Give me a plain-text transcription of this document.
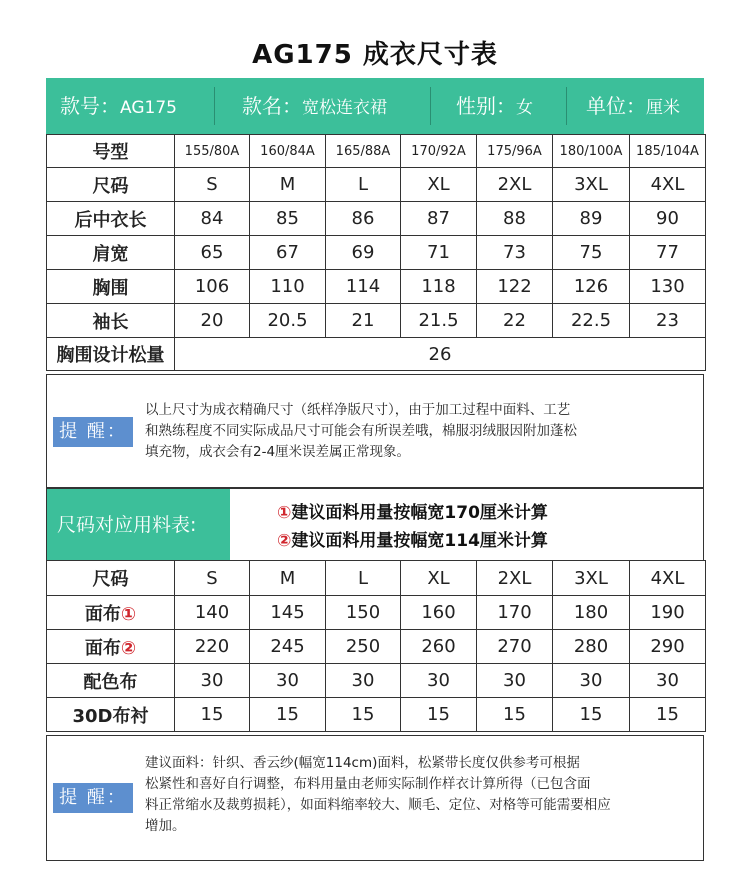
AG175 成衣尺寸表
款号：AG175	款名：宽松连衣裙	性别：女	单位：厘米
号型	155/80A	160/84A	165/88A	170/92A	175/96A	180/100A	185/104A
尺码	S	M	L	XL	2XL	3XL	4XL
后中衣长	84	85	86	87	88	89	90
肩宽	65	67	69	71	73	75	77
胸围	106	110	114	118	122	126	130
袖长	20	20.5	21	21.5	22	22.5	23
胸围设计松量	26						
提 醒：
以上尺寸为成衣精确尺寸（纸样净版尺寸），由于加工过程中面料、工艺
和熟练程度不同实际成品尺寸可能会有所误差哦，棉服羽绒服因附加蓬松
填充物，成衣会有2-4厘米误差属正常现象。
尺码对应用料表:
①建议面料用量按幅宽170厘米计算
②建议面料用量按幅宽114厘米计算
尺码	S	M	L	XL	2XL	3XL	4XL
面布①	140	145	150	160	170	180	190
面布②	220	245	250	260	270	280	290
配色布	30	30	30	30	30	30	30
30D布衬	15	15	15	15	15	15	15
提 醒：
建议面料：针织、香云纱(幅宽114cm)面料，松紧带长度仅供参考可根据
松紧性和喜好自行调整，布料用量由老师实际制作样衣计算所得（已包含面
料正常缩水及裁剪损耗），如面料缩率较大、顺毛、定位、对格等可能需要相应
增加。
